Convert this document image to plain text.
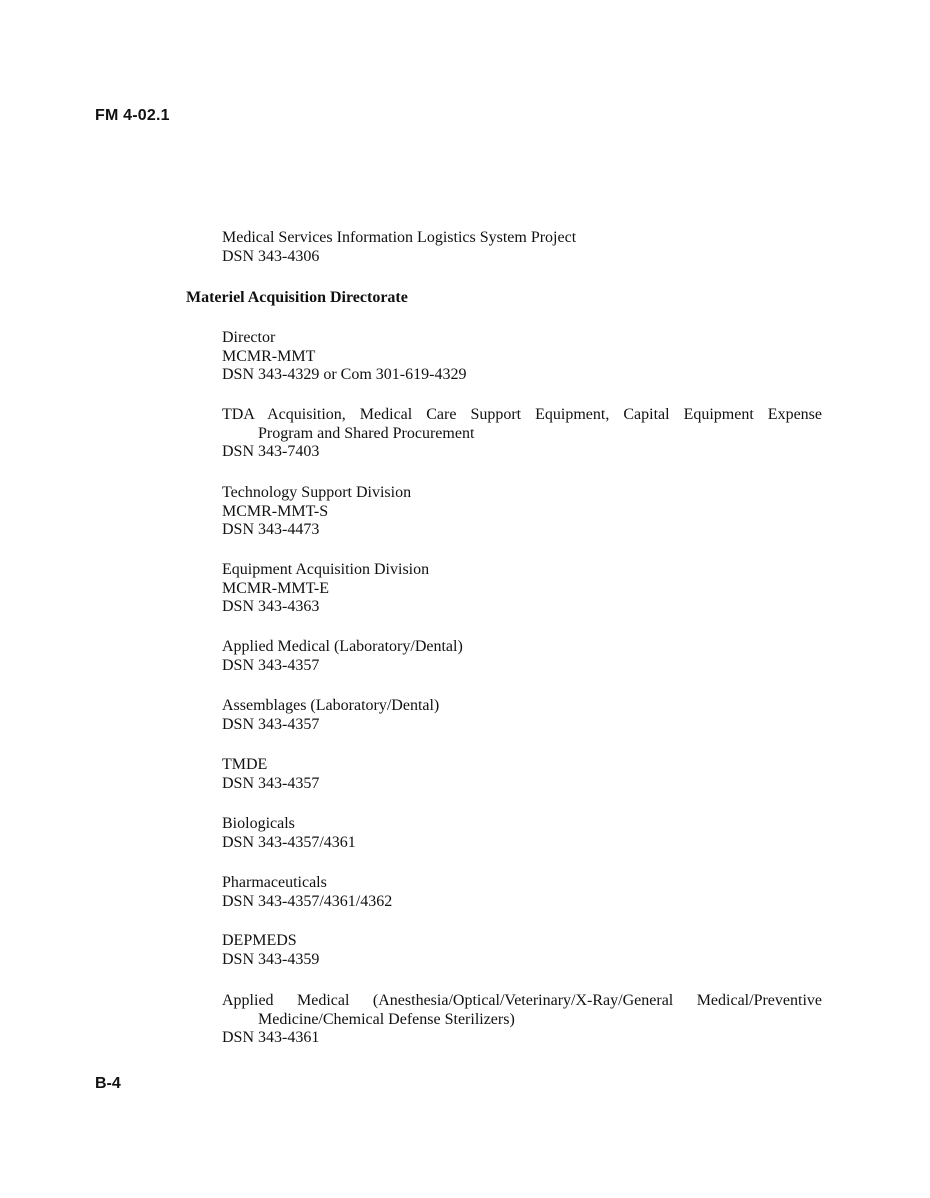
FM 4-02.1
Medical Services Information Logistics System Project
DSN 343-4306
Materiel Acquisition Directorate
Director
MCMR-MMT
DSN 343-4329 or Com 301-619-4329
TDA Acquisition, Medical Care Support Equipment, Capital Equipment Expense
Program and Shared Procurement
DSN 343-7403
Technology Support Division
MCMR-MMT-S
DSN 343-4473
Equipment Acquisition Division
MCMR-MMT-E
DSN 343-4363
Applied Medical (Laboratory/Dental)
DSN 343-4357
Assemblages (Laboratory/Dental)
DSN 343-4357
TMDE
DSN 343-4357
Biologicals
DSN 343-4357/4361
Pharmaceuticals
DSN 343-4357/4361/4362
DEPMEDS
DSN 343-4359
Applied Medical (Anesthesia/Optical/Veterinary/X-Ray/General Medical/Preventive
Medicine/Chemical Defense Sterilizers)
DSN 343-4361
B-4
